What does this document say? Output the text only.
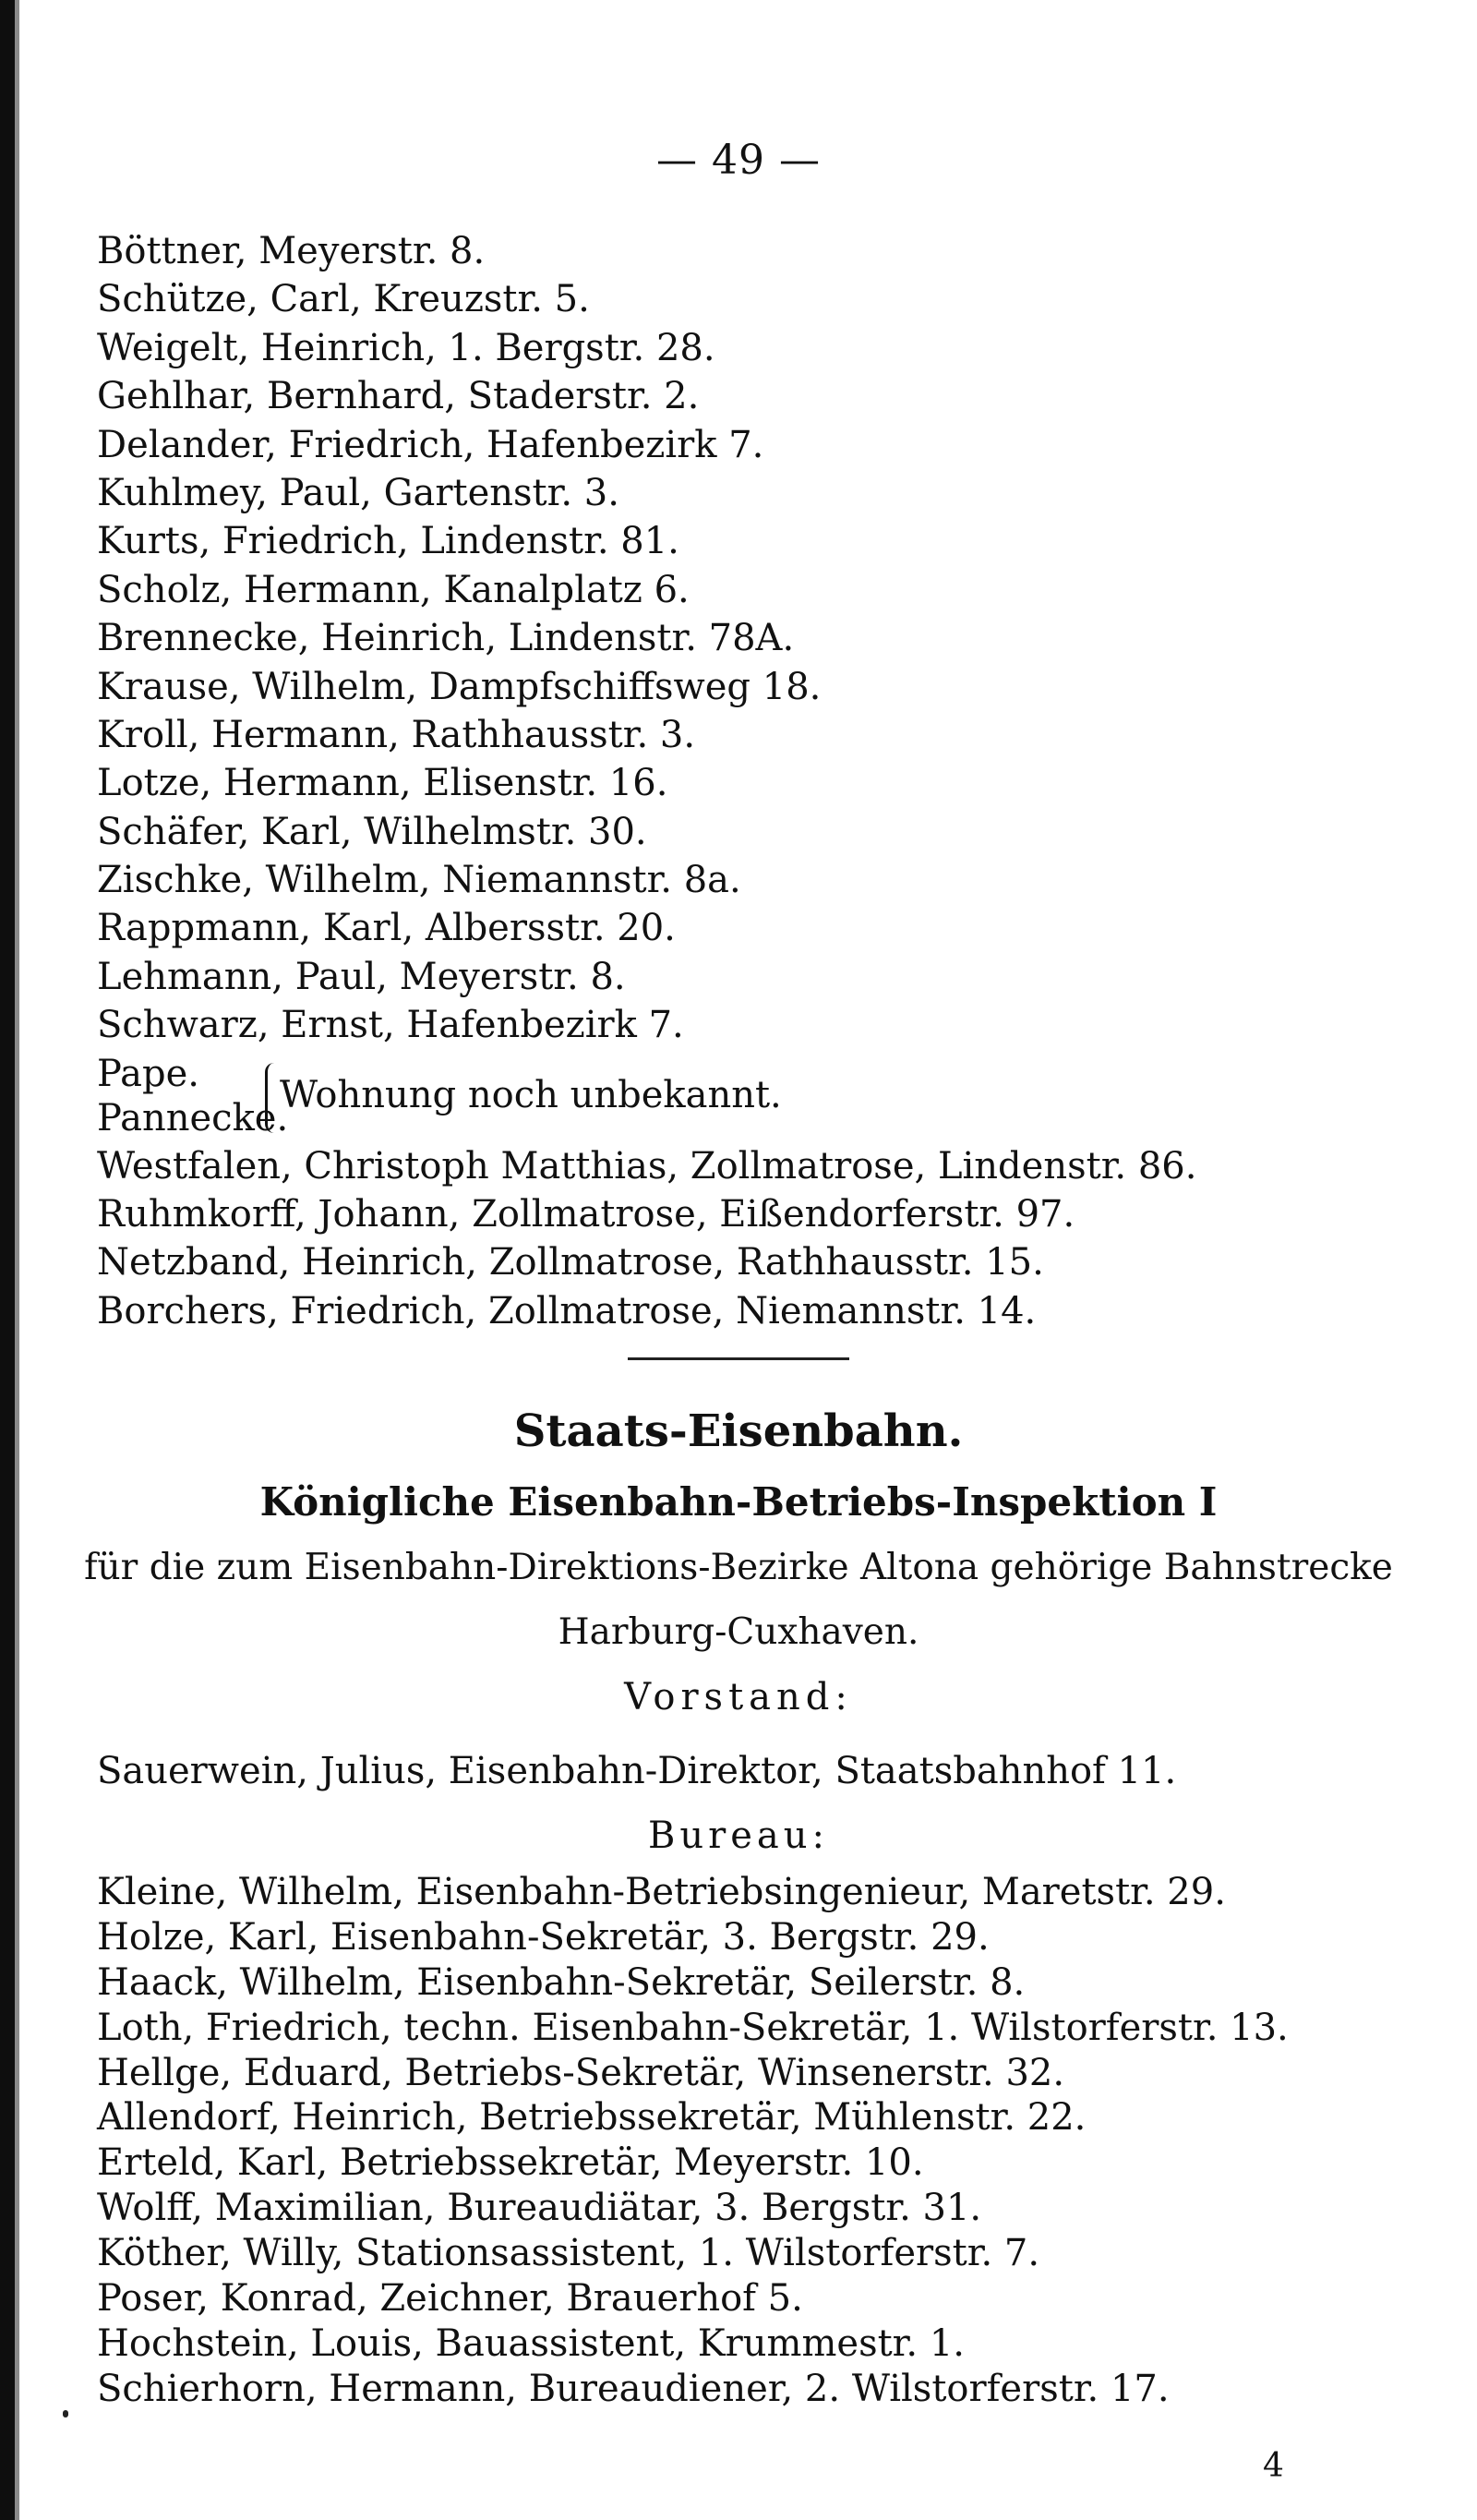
— 49 —
Böttner, Meyerstr. 8.
Schütze, Carl, Kreuzstr. 5.
Weigelt, Heinrich, 1. Bergstr. 28.
Gehlhar, Bernhard, Staderstr. 2.
Delander, Friedrich, Hafenbezirk 7.
Kuhlmey, Paul, Gartenstr. 3.
Kurts, Friedrich, Lindenstr. 81.
Scholz, Hermann, Kanalplatz 6.
Brennecke, Heinrich, Lindenstr. 78A.
Krause, Wilhelm, Dampfschiffsweg 18.
Kroll, Hermann, Rathhausstr. 3.
Lotze, Hermann, Elisenstr. 16.
Schäfer, Karl, Wilhelmstr. 30.
Zischke, Wilhelm, Niemannstr. 8a.
Rappmann, Karl, Albersstr. 20.
Lehmann, Paul, Meyerstr. 8.
Schwarz, Ernst, Hafenbezirk 7.
Pape.
Pannecke.
Wohnung noch unbekannt.
Westfalen, Christoph Matthias, Zollmatrose, Lindenstr. 86.
Ruhmkorff, Johann, Zollmatrose, Eißendorferstr. 97.
Netzband, Heinrich, Zollmatrose, Rathhausstr. 15.
Borchers, Friedrich, Zollmatrose, Niemannstr. 14.
Staats-Eisenbahn.
Königliche Eisenbahn-Betriebs-Inspektion I
für die zum Eisenbahn-Direktions-Bezirke Altona gehörige Bahnstrecke
Harburg-Cuxhaven.
Vorstand:
Sauerwein, Julius, Eisenbahn-Direktor, Staatsbahnhof 11.
Bureau:
Kleine, Wilhelm, Eisenbahn-Betriebsingenieur, Maretstr. 29.
Holze, Karl, Eisenbahn-Sekretär, 3. Bergstr. 29.
Haack, Wilhelm, Eisenbahn-Sekretär, Seilerstr. 8.
Loth, Friedrich, techn. Eisenbahn-Sekretär, 1. Wilstorferstr. 13.
Hellge, Eduard, Betriebs-Sekretär, Winsenerstr. 32.
Allendorf, Heinrich, Betriebssekretär, Mühlenstr. 22.
Erteld, Karl, Betriebssekretär, Meyerstr. 10.
Wolff, Maximilian, Bureaudiätar, 3. Bergstr. 31.
Köther, Willy, Stationsassistent, 1. Wilstorferstr. 7.
Poser, Konrad, Zeichner, Brauerhof 5.
Hochstein, Louis, Bauassistent, Krummestr. 1.
Schierhorn, Hermann, Bureaudiener, 2. Wilstorferstr. 17.
4
